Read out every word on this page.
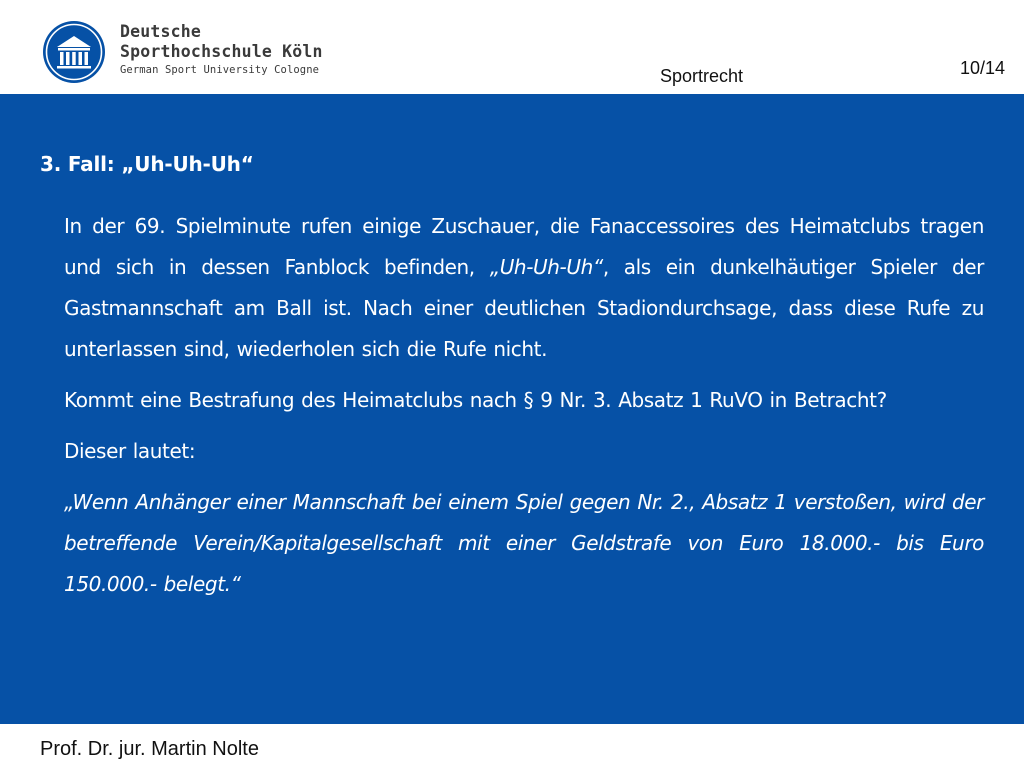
Deutsche
Sporthochschule Köln
German Sport University Cologne	Sportrecht	10/14
3. Fall: „Uh-Uh-Uh“

In der 69. Spielminute rufen einige Zuschauer, die Fanaccessoires des Heimatclubs tragen und sich in dessen Fanblock befinden, „Uh-Uh-Uh“, als ein dunkelhäutiger Spieler der Gastmannschaft am Ball ist. Nach einer deutlichen Stadiondurchsage, dass diese Rufe zu unterlassen sind, wiederholen sich die Rufe nicht.

Kommt eine Bestrafung des Heimatclubs nach § 9 Nr. 3. Absatz 1 RuVO in Betracht?

Dieser lautet:

„Wenn Anhänger einer Mannschaft bei einem Spiel gegen Nr. 2., Absatz 1 verstoßen, wird der betreffende Verein/Kapitalgesellschaft mit einer Geldstrafe von Euro 18.000.- bis Euro 150.000.- belegt.“

Prof. Dr. jur. Martin Nolte
